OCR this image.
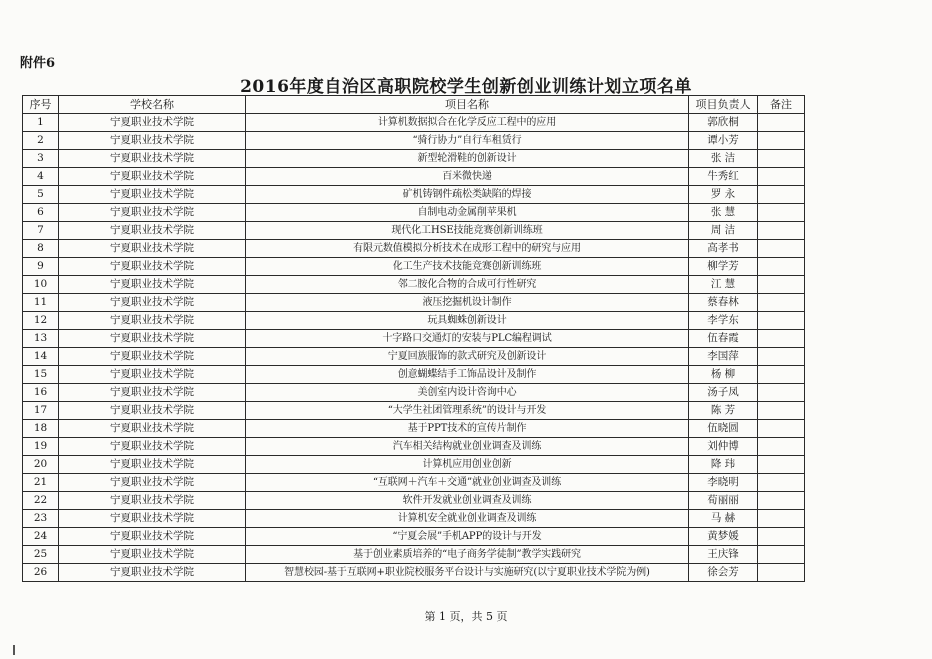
附件6
2016年度自治区高职院校学生创新创业训练计划立项名单
序号	学校名称	项目名称	项目负责人	备注
1	宁夏职业技术学院	计算机数据拟合在化学反应工程中的应用	郭欣桐	
2	宁夏职业技术学院	“骑行协力”自行车租赁行	谭小芳	
3	宁夏职业技术学院	新型轮滑鞋的创新设计	张 洁	
4	宁夏职业技术学院	百米微快递	牛秀红	
5	宁夏职业技术学院	矿机铸钢件疏松类缺陷的焊接	罗 永	
6	宁夏职业技术学院	自制电动金属削苹果机	张 慧	
7	宁夏职业技术学院	现代化工HSE技能竞赛创新训练班	周 洁	
8	宁夏职业技术学院	有限元数值模拟分析技术在成形工程中的研究与应用	高孝书	
9	宁夏职业技术学院	化工生产技术技能竞赛创新训练班	柳学芳	
10	宁夏职业技术学院	邻二胺化合物的合成可行性研究	江 慧	
11	宁夏职业技术学院	液压挖掘机设计制作	蔡春林	
12	宁夏职业技术学院	玩具蜘蛛创新设计	李学东	
13	宁夏职业技术学院	十字路口交通灯的安装与PLC编程调试	伍春霞	
14	宁夏职业技术学院	宁夏回族服饰的款式研究及创新设计	李国萍	
15	宁夏职业技术学院	创意蝴蝶结手工饰品设计及制作	杨 柳	
16	宁夏职业技术学院	美创室内设计咨询中心	汤子凤	
17	宁夏职业技术学院	“大学生社团管理系统”的设计与开发	陈 芳	
18	宁夏职业技术学院	基于PPT技术的宣传片制作	伍晓圆	
19	宁夏职业技术学院	汽车相关结构就业创业调查及训练	刘仲博	
20	宁夏职业技术学院	计算机应用创业创新	降 玮	
21	宁夏职业技术学院	“互联网＋汽车＋交通”就业创业调查及训练	李晓明	
22	宁夏职业技术学院	软件开发就业创业调查及训练	荀丽丽	
23	宁夏职业技术学院	计算机安全就业创业调查及训练	马 赫	
24	宁夏职业技术学院	“宁夏会展”手机APP的设计与开发	黄梦媛	
25	宁夏职业技术学院	基于创业素质培养的“电子商务学徒制”教学实践研究	王庆锋	
26	宁夏职业技术学院	智慧校园-基于互联网+职业院校服务平台设计与实施研究(以宁夏职业技术学院为例)	徐会芳	
第 1 页，共 5 页
